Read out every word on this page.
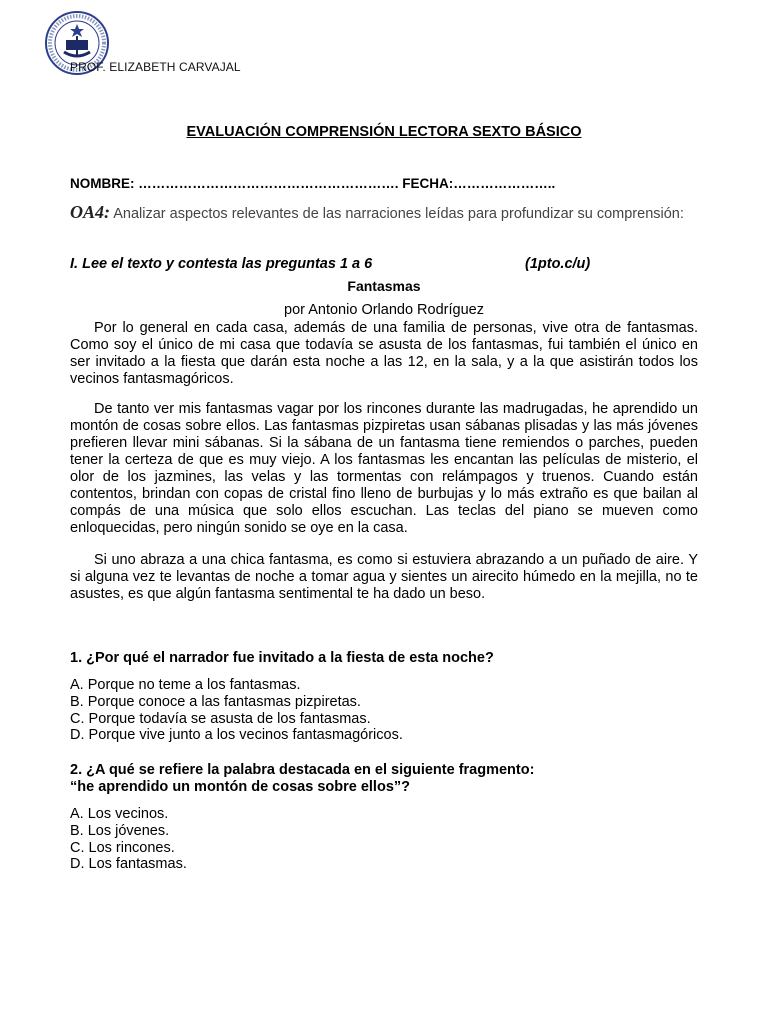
PROF. ELIZABETH CARVAJAL
EVALUACIÓN COMPRENSIÓN LECTORA SEXTO BÁSICO
NOMBRE: …………………………………………………. FECHA:…………………..
OA4: Analizar aspectos relevantes de las narraciones leídas para profundizar su comprensión:
I. Lee el texto y contesta las preguntas 1 a 6	(1pto.c/u)
Fantasmas
por Antonio Orlando Rodríguez
Por lo general en cada casa, además de una familia de personas, vive otra de fantasmas. Como soy el único de mi casa que todavía se asusta de los fantasmas, fui también el único en ser invitado a la fiesta que darán esta noche a las 12, en la sala, y a la que asistirán todos los vecinos fantasmagóricos.
De tanto ver mis fantasmas vagar por los rincones durante las madrugadas, he aprendido un montón de cosas sobre ellos. Las fantasmas pizpiretas usan sábanas plisadas y las más jóvenes prefieren llevar mini sábanas. Si la sábana de un fantasma tiene remiendos o parches, pueden tener la certeza de que es muy viejo. A los fantasmas les encantan las películas de misterio, el olor de los jazmines, las velas y las tormentas con relámpagos y truenos. Cuando están contentos, brindan con copas de cristal fino lleno de burbujas y lo más extraño es que bailan al compás de una música que solo ellos escuchan. Las teclas del piano se mueven como enloquecidas, pero ningún sonido se oye en la casa.
Si uno abraza a una chica fantasma, es como si estuviera abrazando a un puñado de aire. Y si alguna vez te levantas de noche a tomar agua y sientes un airecito húmedo en la mejilla, no te asustes, es que algún fantasma sentimental te ha dado un beso.
1. ¿Por qué el narrador fue invitado a la fiesta de esta noche?
A. Porque no teme a los fantasmas.
B. Porque conoce a las fantasmas pizpiretas.
C. Porque todavía se asusta de los fantasmas.
D. Porque vive junto a los vecinos fantasmagóricos.
2. ¿A qué se refiere la palabra destacada en el siguiente fragmento:
“he aprendido un montón de cosas sobre ellos”?
A. Los vecinos.
B. Los jóvenes.
C. Los rincones.
D. Los fantasmas.
